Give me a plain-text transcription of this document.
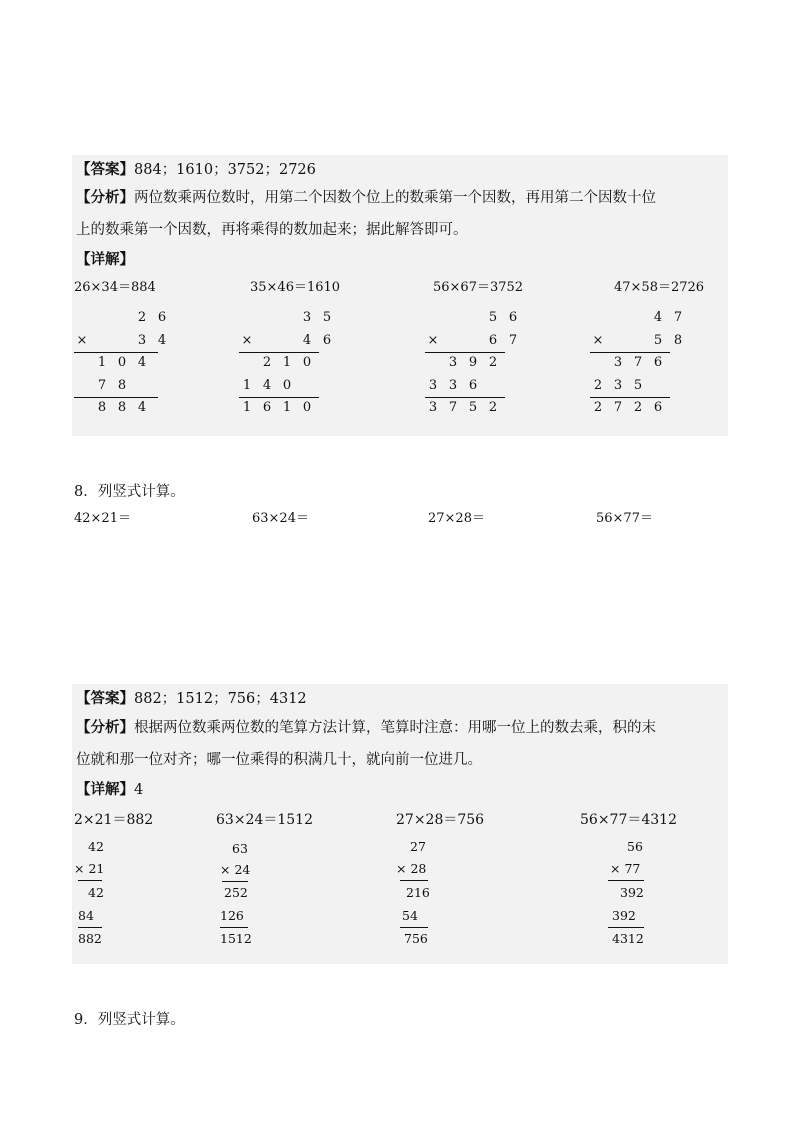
【答案】884；1610；3752；2726
【分析】两位数乘两位数时，用第二个因数个位上的数乘第一个因数，再用第二个因数十位
上的数乘第一个因数，再将乘得的数加起来；据此解答即可。
【详解】
26×34＝884	35×46＝1610	56×67＝3752	47×58＝2726
2 6
×	3 4
1 0 4
7 8
8 8 4
3 5
×	4 6
2 1 0
1 4 0
1 6 1 0
5 6
×	6 7
3 9 2
3 3 6
3 7 5 2
4 7
×	5 8
3 7 6
2 3 5
2 7 2 6
8．列竖式计算。
42×21＝	63×24＝	27×28＝	56×77＝
【答案】882；1512；756；4312
【分析】根据两位数乘两位数的笔算方法计算，笔算时注意：用哪一位上的数去乘，积的末
位就和那一位对齐；哪一位乘得的积满几十，就向前一位进几。
【详解】4
2×21＝882	63×24＝1512	27×28＝756	56×77＝4312
42
× 21
42
84
882
63
× 24
252
126
1512
27
× 28
216
54
756
56
× 77
392
392
4312
9．列竖式计算。
